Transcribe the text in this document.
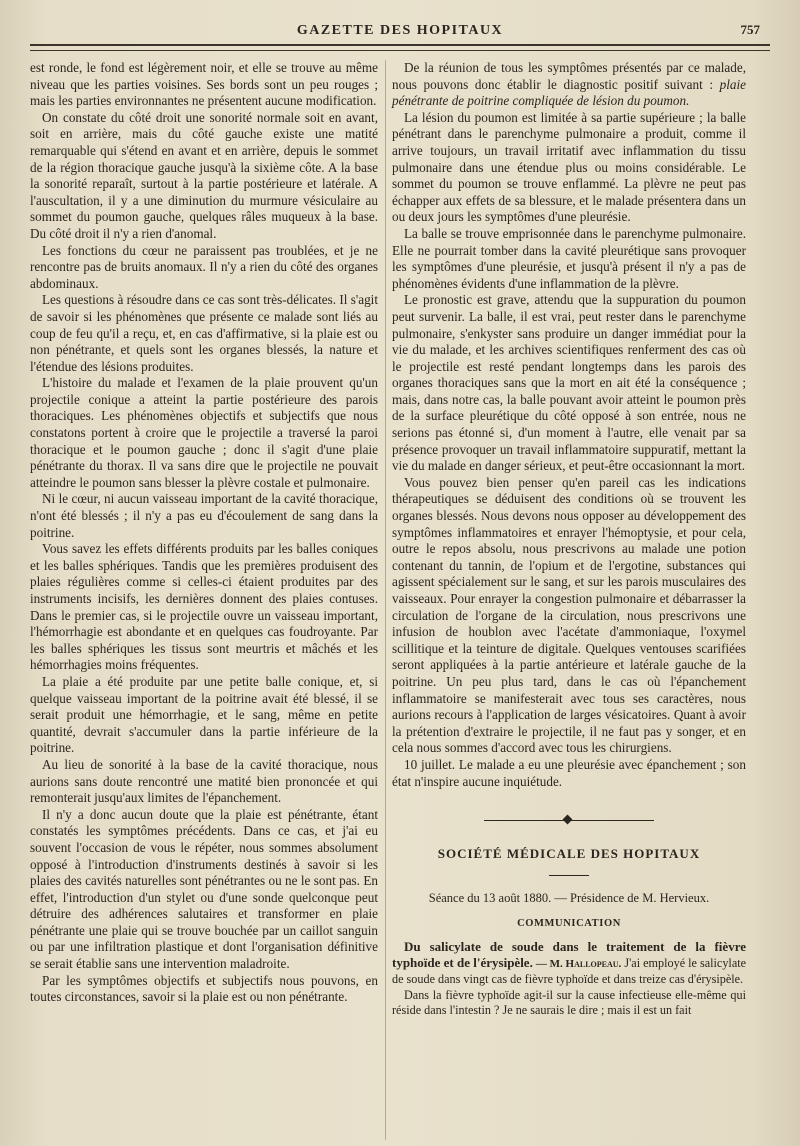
GAZETTE DES HOPITAUX	757

est ronde, le fond est légèrement noir, et elle se trouve au même niveau que les parties voisines. Ses bords sont un peu rouges ; mais les parties environnantes ne présentent aucune modification.

On constate du côté droit une sonorité normale soit en avant, soit en arrière, mais du côté gauche existe une matité remarquable qui s'étend en avant et en arrière, depuis le sommet de la région thoracique gauche jusqu'à la sixième côte. A la base la sonorité reparaît, surtout à la partie postérieure et latérale. A l'auscultation, il y a une diminution du murmure vésiculaire au sommet du poumon gauche, quelques râles muqueux à la base. Du côté droit il n'y a rien d'anomal.

Les fonctions du cœur ne paraissent pas troublées, et je ne rencontre pas de bruits anomaux. Il n'y a rien du côté des organes abdominaux.

Les questions à résoudre dans ce cas sont très-délicates. Il s'agit de savoir si les phénomènes que présente ce malade sont liés au coup de feu qu'il a reçu, et, en cas d'affirmative, si la plaie est ou non pénétrante, et quels sont les organes blessés, la nature et l'étendue des lésions produites.

L'histoire du malade et l'examen de la plaie prouvent qu'un projectile conique a atteint la partie postérieure des parois thoraciques. Les phénomènes objectifs et subjectifs que nous constatons portent à croire que le projectile a traversé la paroi thoracique et le poumon gauche ; donc il s'agit d'une plaie pénétrante du thorax. Il va sans dire que le projectile ne pouvait atteindre le poumon sans blesser la plèvre costale et pulmonaire.

Ni le cœur, ni aucun vaisseau important de la cavité thoracique, n'ont été blessés ; il n'y a pas eu d'écoulement de sang dans la poitrine.

Vous savez les effets différents produits par les balles coniques et les balles sphériques. Tandis que les premières produisent des plaies régulières comme si celles-ci étaient produites par des instruments incisifs, les dernières donnent des plaies contuses. Dans le premier cas, si le projectile ouvre un vaisseau important, l'hémorrhagie est abondante et en quelques cas foudroyante. Par les balles sphériques les tissus sont meurtris et mâchés et les hémorrhagies moins fréquentes.

La plaie a été produite par une petite balle conique, et, si quelque vaisseau important de la poitrine avait été blessé, il se serait produit une hémorrhagie, et le sang, même en petite quantité, devrait s'accumuler dans la partie inférieure de la poitrine.

Au lieu de sonorité à la base de la cavité thoracique, nous aurions sans doute rencontré une matité bien prononcée et qui remonterait jusqu'aux limites de l'épanchement.

Il n'y a donc aucun doute que la plaie est pénétrante, étant constatés les symptômes précédents. Dans ce cas, et j'ai eu souvent l'occasion de vous le répéter, nous sommes absolument opposé à l'introduction d'instruments destinés à savoir si les plaies des cavités naturelles sont pénétrantes ou ne le sont pas. En effet, l'introduction d'un stylet ou d'une sonde quelconque peut détruire des adhérences salutaires et transformer en plaie pénétrante une plaie qui se trouve bouchée par un caillot sanguin ou par une infiltration plastique et dont l'organisation définitive se serait établie sans une intervention maladroite.

Par les symptômes objectifs et subjectifs nous pouvons, en toutes circonstances, savoir si la plaie est ou non pénétrante.

De la réunion de tous les symptômes présentés par ce malade, nous pouvons donc établir le diagnostic positif suivant : plaie pénétrante de poitrine compliquée de lésion du poumon.

La lésion du poumon est limitée à sa partie supérieure ; la balle pénétrant dans le parenchyme pulmonaire a produit, comme il arrive toujours, un travail irritatif avec inflammation du tissu pulmonaire dans une étendue plus ou moins considérable. Le sommet du poumon se trouve enflammé. La plèvre ne peut pas échapper aux effets de sa blessure, et le malade présentera dans un ou deux jours les symptômes d'une pleurésie.

La balle se trouve emprisonnée dans le parenchyme pulmonaire. Elle ne pourrait tomber dans la cavité pleurétique sans provoquer les symptômes d'une pleurésie, et jusqu'à présent il n'y a pas de phénomènes évidents d'une inflammation de la plèvre.

Le pronostic est grave, attendu que la suppuration du poumon peut survenir. La balle, il est vrai, peut rester dans le parenchyme pulmonaire, s'enkyster sans produire un danger immédiat pour la vie du malade, et les archives scientifiques renferment des cas où le projectile est resté pendant longtemps dans les parois des organes thoraciques sans que la mort en ait été la conséquence ; mais, dans notre cas, la balle pouvant avoir atteint le poumon près de la surface pleurétique du côté opposé à son entrée, nous ne serions pas étonné si, d'un moment à l'autre, elle venait par sa présence provoquer un travail inflammatoire suppuratif, mettant la vie du malade en danger sérieux, et peut-être occasionnant la mort.

Vous pouvez bien penser qu'en pareil cas les indications thérapeutiques se déduisent des conditions où se trouvent les organes blessés. Nous devons nous opposer au développement des symptômes inflammatoires et enrayer l'hémoptysie, et pour cela, outre le repos absolu, nous prescrivons au malade une potion contenant du tannin, de l'opium et de l'ergotine, substances qui agissent spécialement sur le sang, et sur les parois musculaires des vaisseaux. Pour enrayer la congestion pulmonaire et débarrasser la circulation de l'organe de la circulation, nous prescrivons une infusion de houblon avec l'acétate d'ammoniaque, l'oxymel scillitique et la teinture de digitale. Quelques ventouses scarifiées seront appliquées à la partie antérieure et latérale gauche de la poitrine. Un peu plus tard, dans le cas où l'épanchement inflammatoire se manifesterait avec tous ses caractères, nous aurions recours à l'application de larges vésicatoires. Quant à avoir la prétention d'extraire le projectile, il ne faut pas y songer, et en cela nous sommes d'accord avec tous les chirurgiens.

10 juillet. Le malade a eu une pleurésie avec épanchement ; son état n'inspire aucune inquiétude.

SOCIÉTÉ MÉDICALE DES HOPITAUX
Séance du 13 août 1880. — Présidence de M. Hervieux.
COMMUNICATION

Du salicylate de soude dans le traitement de la fièvre typhoïde et de l'érysipèle. — M. Hallopeau. J'ai employé le salicylate de soude dans vingt cas de fièvre typhoïde et dans treize cas d'érysipèle.

Dans la fièvre typhoïde agit-il sur la cause infectieuse elle-même qui réside dans l'intestin ? Je ne saurais le dire ; mais il est un fait
